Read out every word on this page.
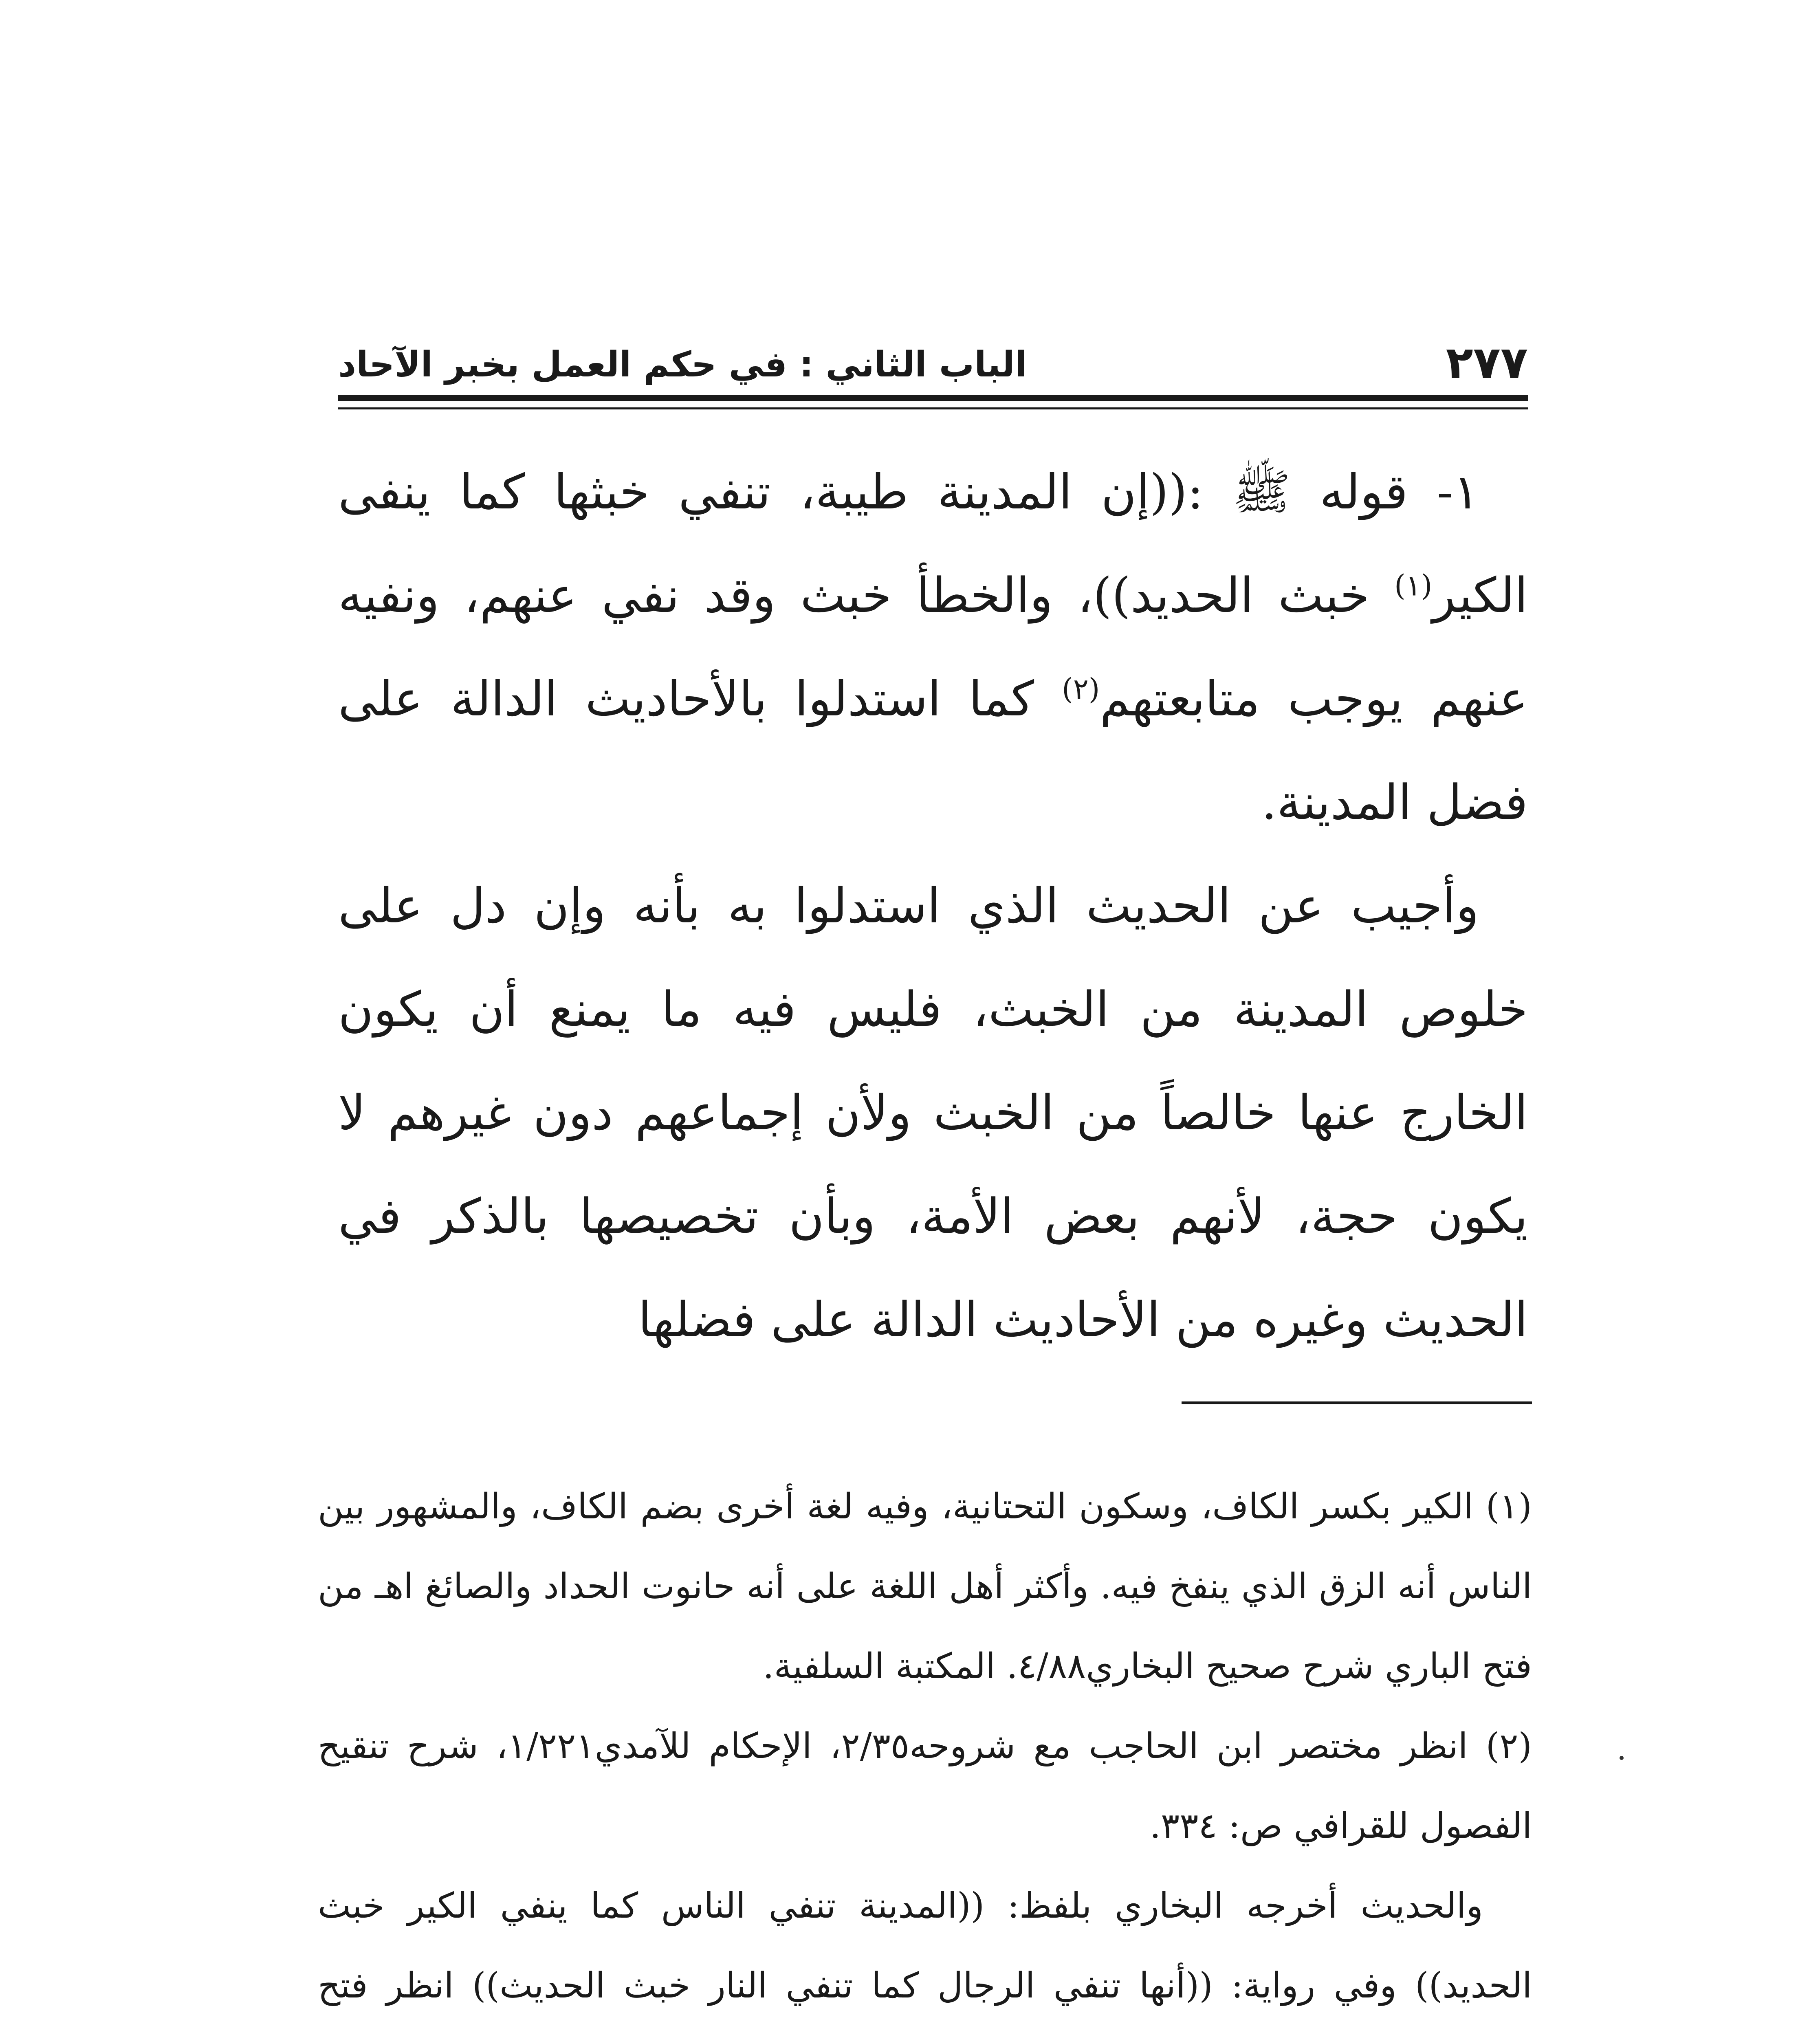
٢٧٧
الباب الثاني : في حكم العمل بخبر الآحاد

١- قوله ﷺ :((إن المدينة طيبة، تنفي خبثها كما ينفى الكير$^{(١)}$ خبث الحديد))، والخطأ خبث وقد نفي عنهم، ونفيه عنهم يوجب متابعتهم$^{(٢)}$ كما استدلوا بالأحاديث الدالة على فضل المدينة.

وأجيب عن الحديث الذي استدلوا به بأنه وإن دل على خلوص المدينة من الخبث، فليس فيه ما يمنع أن يكون الخارج عنها خالصاً من الخبث ولأن إجماعهم دون غيرهم لا يكون حجة، لأنهم بعض الأمة، وبأن تخصيصها بالذكر في الحديث وغيره من الأحاديث الدالة على فضلها

(١) الكير بكسر الكاف، وسكون التحتانية، وفيه لغة أخرى بضم الكاف، والمشهور بين الناس أنه الزق الذي ينفخ فيه. وأكثر أهل اللغة على أنه حانوت الحداد والصائغ اهـ من فتح الباري شرح صحيح البخاري٤/٨٨. المكتبة السلفية.

(٢) انظر مختصر ابن الحاجب مع شروحه٢/٣٥، الإحكام للآمدي١/٢٢١، شرح تنقيح الفصول للقرافي ص: ٣٣٤.

والحديث أخرجه البخاري بلفظ: ((المدينة تنفي الناس كما ينفي الكير خبث الحديد)) وفي رواية: ((أنها تنفي الرجال كما تنفي النار خبث الحديث)) انظر فتح
